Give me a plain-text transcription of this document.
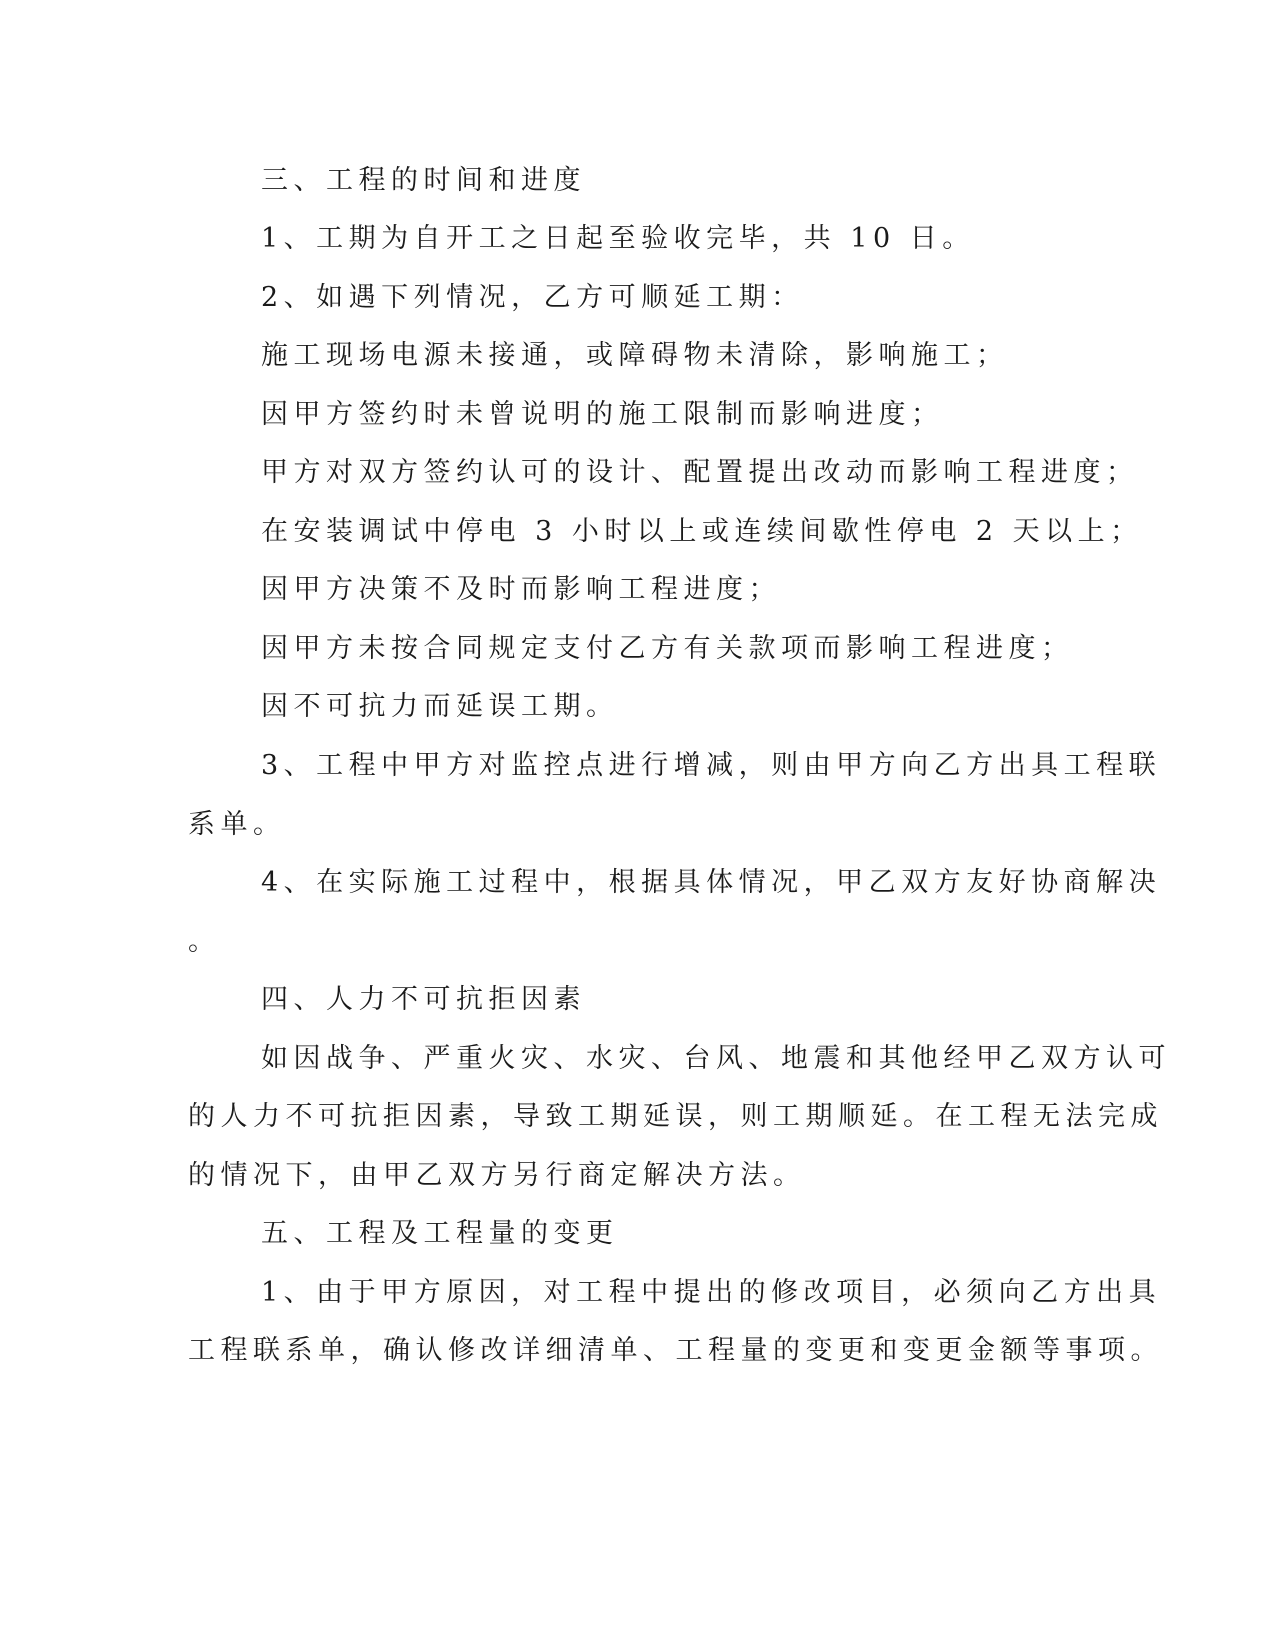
三、工程的时间和进度
1、工期为自开工之日起至验收完毕，共 10 日。
2、如遇下列情况，乙方可顺延工期：
施工现场电源未接通，或障碍物未清除，影响施工；
因甲方签约时未曾说明的施工限制而影响进度；
甲方对双方签约认可的设计、配置提出改动而影响工程进度；
在安装调试中停电 3 小时以上或连续间歇性停电 2 天以上；
因甲方决策不及时而影响工程进度；
因甲方未按合同规定支付乙方有关款项而影响工程进度；
因不可抗力而延误工期。
3、工程中甲方对监控点进行增减，则由甲方向乙方出具工程联
系单。
4、在实际施工过程中，根据具体情况，甲乙双方友好协商解决
。
四、人力不可抗拒因素
如因战争、严重火灾、水灾、台风、地震和其他经甲乙双方认可
的人力不可抗拒因素，导致工期延误，则工期顺延。在工程无法完成
的情况下，由甲乙双方另行商定解决方法。
五、工程及工程量的变更
1、由于甲方原因，对工程中提出的修改项目，必须向乙方出具
工程联系单，确认修改详细清单、工程量的变更和变更金额等事项。
